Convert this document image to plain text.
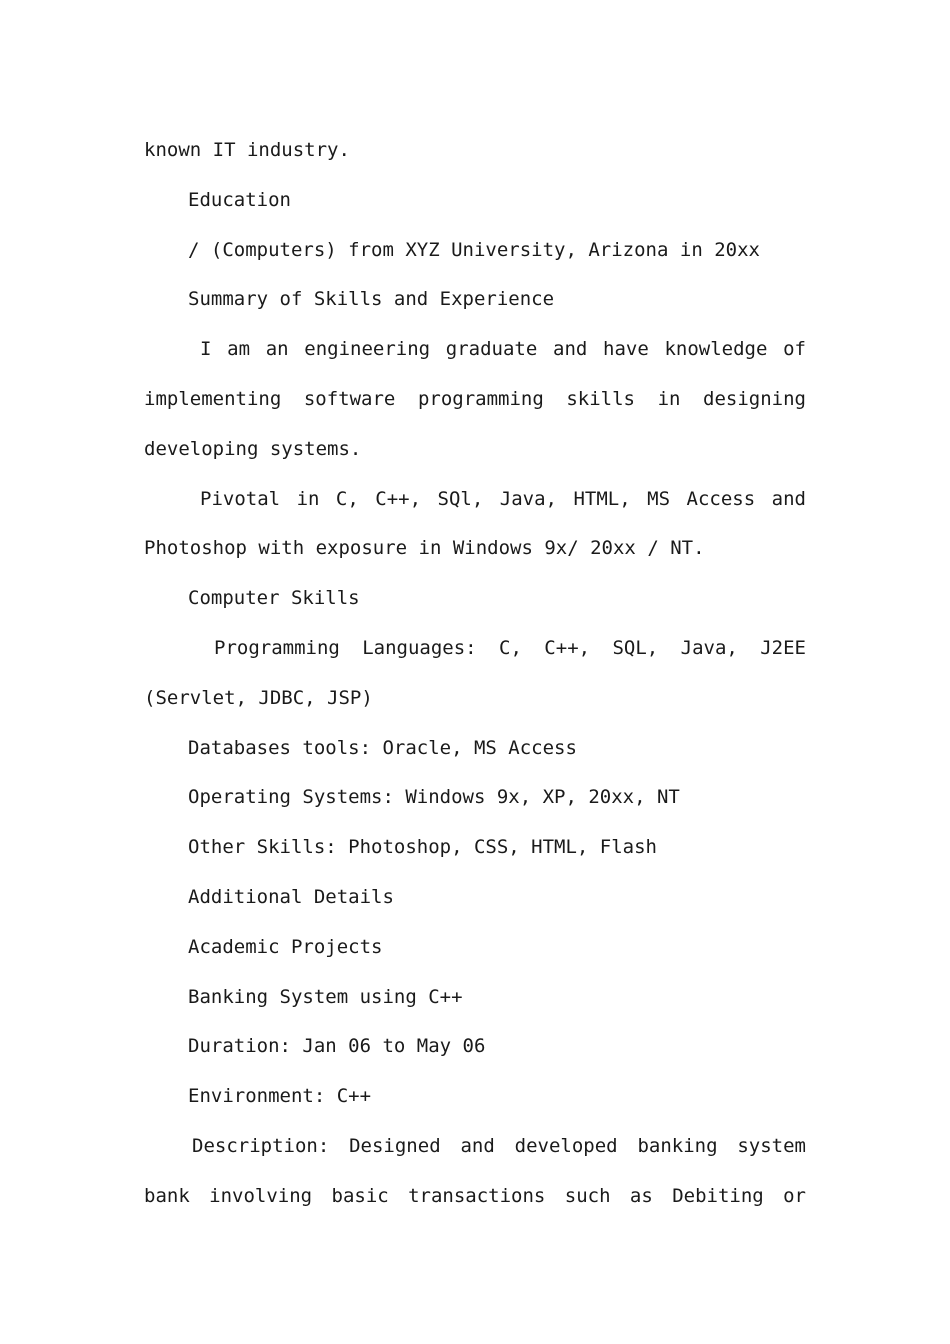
known IT industry.
Education
/ (Computers) from XYZ University, Arizona in 20xx
Summary of Skills and Experience
I am an engineering graduate and have knowledge of
implementing software programming skills in designing
developing systems.
Pivotal in C, C++, SQl, Java, HTML, MS Access and
Photoshop with exposure in Windows 9x/ 20xx / NT.
Computer Skills
Programming Languages: C, C++, SQL, Java, J2EE
(Servlet, JDBC, JSP)
Databases tools: Oracle, MS Access
Operating Systems: Windows 9x, XP, 20xx, NT
Other Skills: Photoshop, CSS, HTML, Flash
Additional Details
Academic Projects
Banking System using C++
Duration: Jan 06 to May 06
Environment: C++
Description: Designed and developed banking system
bank involving basic transactions such as Debiting or
